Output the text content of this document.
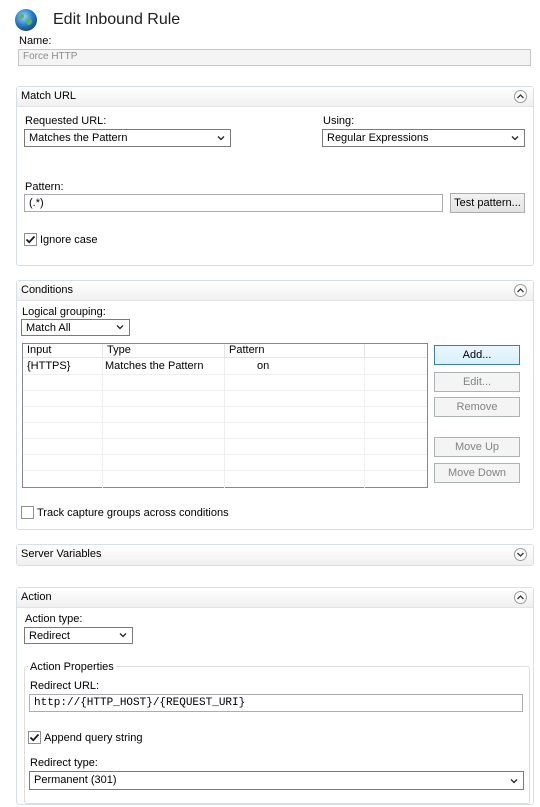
Edit Inbound Rule
Name:
Force HTTP
Match URL
Requested URL:
Matches the Pattern
Using:
Regular Expressions
Pattern:
(.*)	Test pattern...
Ignore case
Conditions
Logical grouping:
Match All
Input	Type	Pattern
{HTTPS}	Matches the Pattern	on
Add...
Edit...
Remove
Move Up
Move Down
Track capture groups across conditions
Server Variables
Action
Action type:
Redirect
Action Properties
Redirect URL:
http://{HTTP_HOST}/{REQUEST_URI}
Append query string
Redirect type:
Permanent (301)
